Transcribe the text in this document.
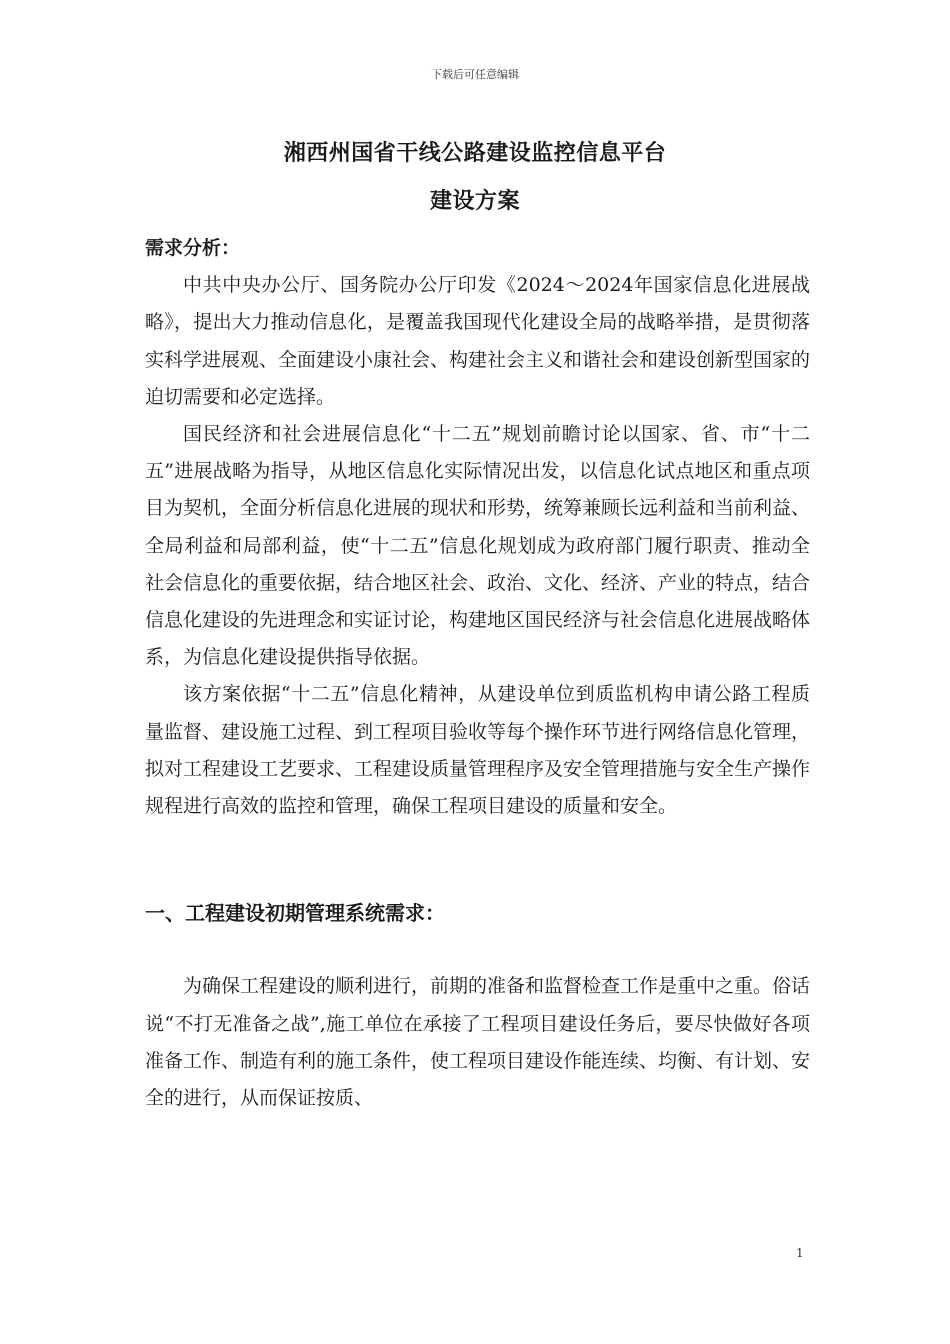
下载后可任意编辑
湘西州国省干线公路建设监控信息平台
建设方案

需求分析：

中共中央办公厅、国务院办公厅印发《2024～2024年国家信息化进展战略》，提出大力推动信息化，是覆盖我国现代化建设全局的战略举措，是贯彻落实科学进展观、全面建设小康社会、构建社会主义和谐社会和建设创新型国家的迫切需要和必定选择。

国民经济和社会进展信息化“十二五”规划前瞻讨论以国家、省、市“十二五”进展战略为指导，从地区信息化实际情况出发，以信息化试点地区和重点项目为契机，全面分析信息化进展的现状和形势，统筹兼顾长远利益和当前利益、全局利益和局部利益，使“十二五”信息化规划成为政府部门履行职责、推动全社会信息化的重要依据，结合地区社会、政治、文化、经济、产业的特点，结合信息化建设的先进理念和实证讨论，构建地区国民经济与社会信息化进展战略体系，为信息化建设提供指导依据。

该方案依据“十二五”信息化精神，从建设单位到质监机构申请公路工程质量监督、建设施工过程、到工程项目验收等每个操作环节进行网络信息化管理，拟对工程建设工艺要求、工程建设质量管理程序及安全管理措施与安全生产操作规程进行高效的监控和管理，确保工程项目建设的质量和安全。

一、工程建设初期管理系统需求：

为确保工程建设的顺利进行，前期的准备和监督检查工作是重中之重。俗话说“不打无准备之战”,施工单位在承接了工程项目建设任务后，要尽快做好各项准备工作、制造有利的施工条件，使工程项目建设作能连续、均衡、有计划、安全的进行，从而保证按质、

1
